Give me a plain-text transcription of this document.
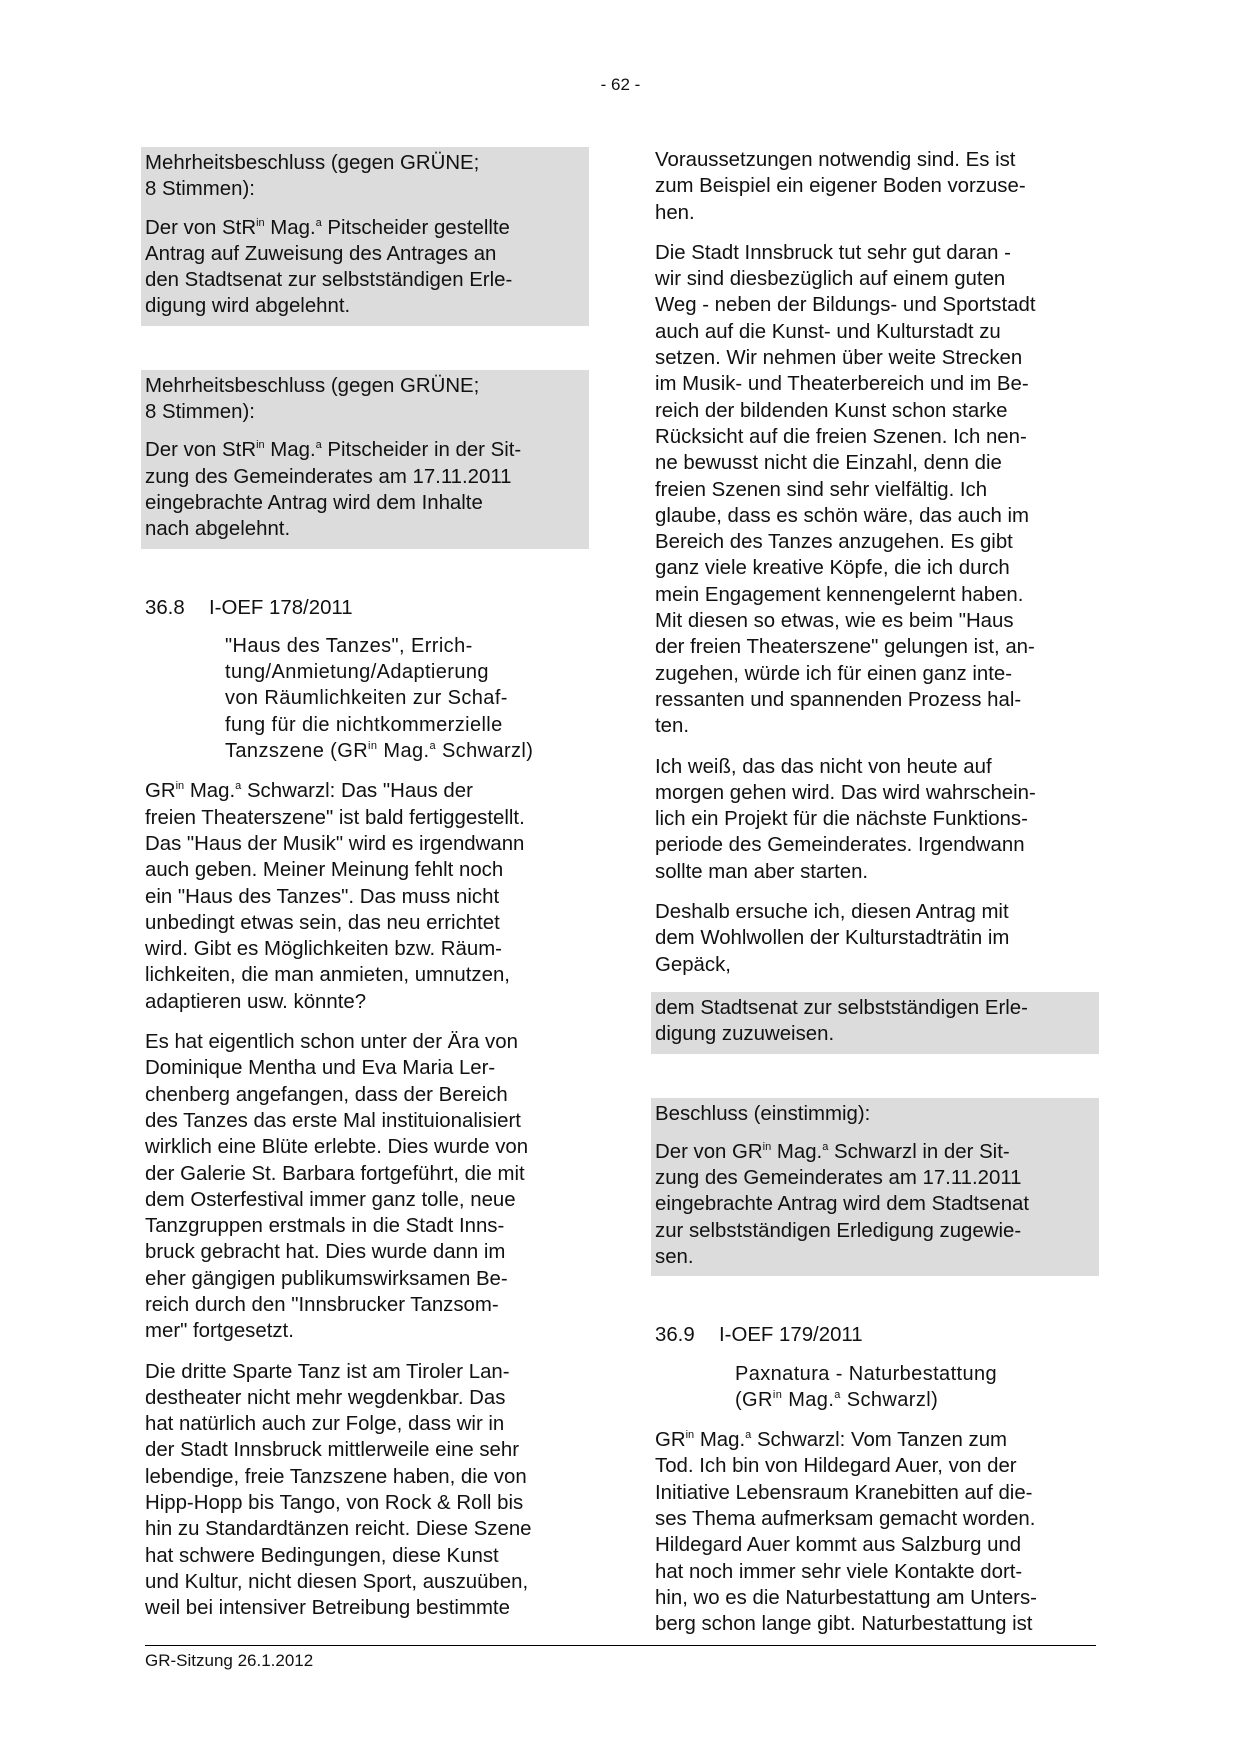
- 62 -
Mehrheitsbeschluss (gegen GRÜNE;
8 Stimmen):
Der von StR$^{in}$ Mag.$^a$ Pitscheider gestellte
Antrag auf Zuweisung des Antrages an
den Stadtsenat zur selbstständigen Erle-
digung wird abgelehnt.
Mehrheitsbeschluss (gegen GRÜNE;
8 Stimmen):
Der von StR$^{in}$ Mag.$^a$ Pitscheider in der Sit-
zung des Gemeinderates am 17.11.2011
eingebrachte Antrag wird dem Inhalte
nach abgelehnt.
36.8	I-OEF 178/2011
"Haus des Tanzes", Errich-
tung/Anmietung/Adaptierung
von Räumlichkeiten zur Schaf-
fung für die nichtkommerzielle
Tanzszene ($GR^{in}$ Mag.$^a$ Schwarzl)
$GR^{in}$ Mag.$^a$ Schwarzl: Das "Haus der
freien Theaterszene" ist bald fertiggestellt.
Das "Haus der Musik" wird es irgendwann
auch geben. Meiner Meinung fehlt noch
ein "Haus des Tanzes". Das muss nicht
unbedingt etwas sein, das neu errichtet
wird. Gibt es Möglichkeiten bzw. Räum-
lichkeiten, die man anmieten, umnutzen,
adaptieren usw. könnte?
Es hat eigentlich schon unter der Ära von
Dominique Mentha und Eva Maria Ler-
chenberg angefangen, dass der Bereich
des Tanzes das erste Mal instituionalisiert
wirklich eine Blüte erlebte. Dies wurde von
der Galerie St. Barbara fortgeführt, die mit
dem Osterfestival immer ganz tolle, neue
Tanzgruppen erstmals in die Stadt Inns-
bruck gebracht hat. Dies wurde dann im
eher gängigen publikumswirksamen Be-
reich durch den "Innsbrucker Tanzsom-
mer" fortgesetzt.
Die dritte Sparte Tanz ist am Tiroler Lan-
destheater nicht mehr wegdenkbar. Das
hat natürlich auch zur Folge, dass wir in
der Stadt Innsbruck mittlerweile eine sehr
lebendige, freie Tanzszene haben, die von
Hipp-Hopp bis Tango, von Rock & Roll bis
hin zu Standardtänzen reicht. Diese Szene
hat schwere Bedingungen, diese Kunst
und Kultur, nicht diesen Sport, auszuüben,
weil bei intensiver Betreibung bestimmte
Voraussetzungen notwendig sind. Es ist
zum Beispiel ein eigener Boden vorzuse-
hen.
Die Stadt Innsbruck tut sehr gut daran -
wir sind diesbezüglich auf einem guten
Weg - neben der Bildungs- und Sportstadt
auch auf die Kunst- und Kulturstadt zu
setzen. Wir nehmen über weite Strecken
im Musik- und Theaterbereich und im Be-
reich der bildenden Kunst schon starke
Rücksicht auf die freien Szenen. Ich nen-
ne bewusst nicht die Einzahl, denn die
freien Szenen sind sehr vielfältig. Ich
glaube, dass es schön wäre, das auch im
Bereich des Tanzes anzugehen. Es gibt
ganz viele kreative Köpfe, die ich durch
mein Engagement kennengelernt haben.
Mit diesen so etwas, wie es beim "Haus
der freien Theaterszene" gelungen ist, an-
zugehen, würde ich für einen ganz inte-
ressanten und spannenden Prozess hal-
ten.
Ich weiß, das das nicht von heute auf
morgen gehen wird. Das wird wahrschein-
lich ein Projekt für die nächste Funktions-
periode des Gemeinderates. Irgendwann
sollte man aber starten.
Deshalb ersuche ich, diesen Antrag mit
dem Wohlwollen der Kulturstadträtin im
Gepäck,
dem Stadtsenat zur selbstständigen Erle-
digung zuzuweisen.
Beschluss (einstimmig):
Der von $GR^{in}$ Mag.$^a$ Schwarzl in der Sit-
zung des Gemeinderates am 17.11.2011
eingebrachte Antrag wird dem Stadtsenat
zur selbstständigen Erledigung zugewie-
sen.
36.9	I-OEF 179/2011
Paxnatura - Naturbestattung
($GR^{in}$ Mag.$^a$ Schwarzl)
$GR^{in}$ Mag.$^a$ Schwarzl: Vom Tanzen zum
Tod. Ich bin von Hildegard Auer, von der
Initiative Lebensraum Kranebitten auf die-
ses Thema aufmerksam gemacht worden.
Hildegard Auer kommt aus Salzburg und
hat noch immer sehr viele Kontakte dort-
hin, wo es die Naturbestattung am Unters-
berg schon lange gibt. Naturbestattung ist
GR-Sitzung 26.1.2012
